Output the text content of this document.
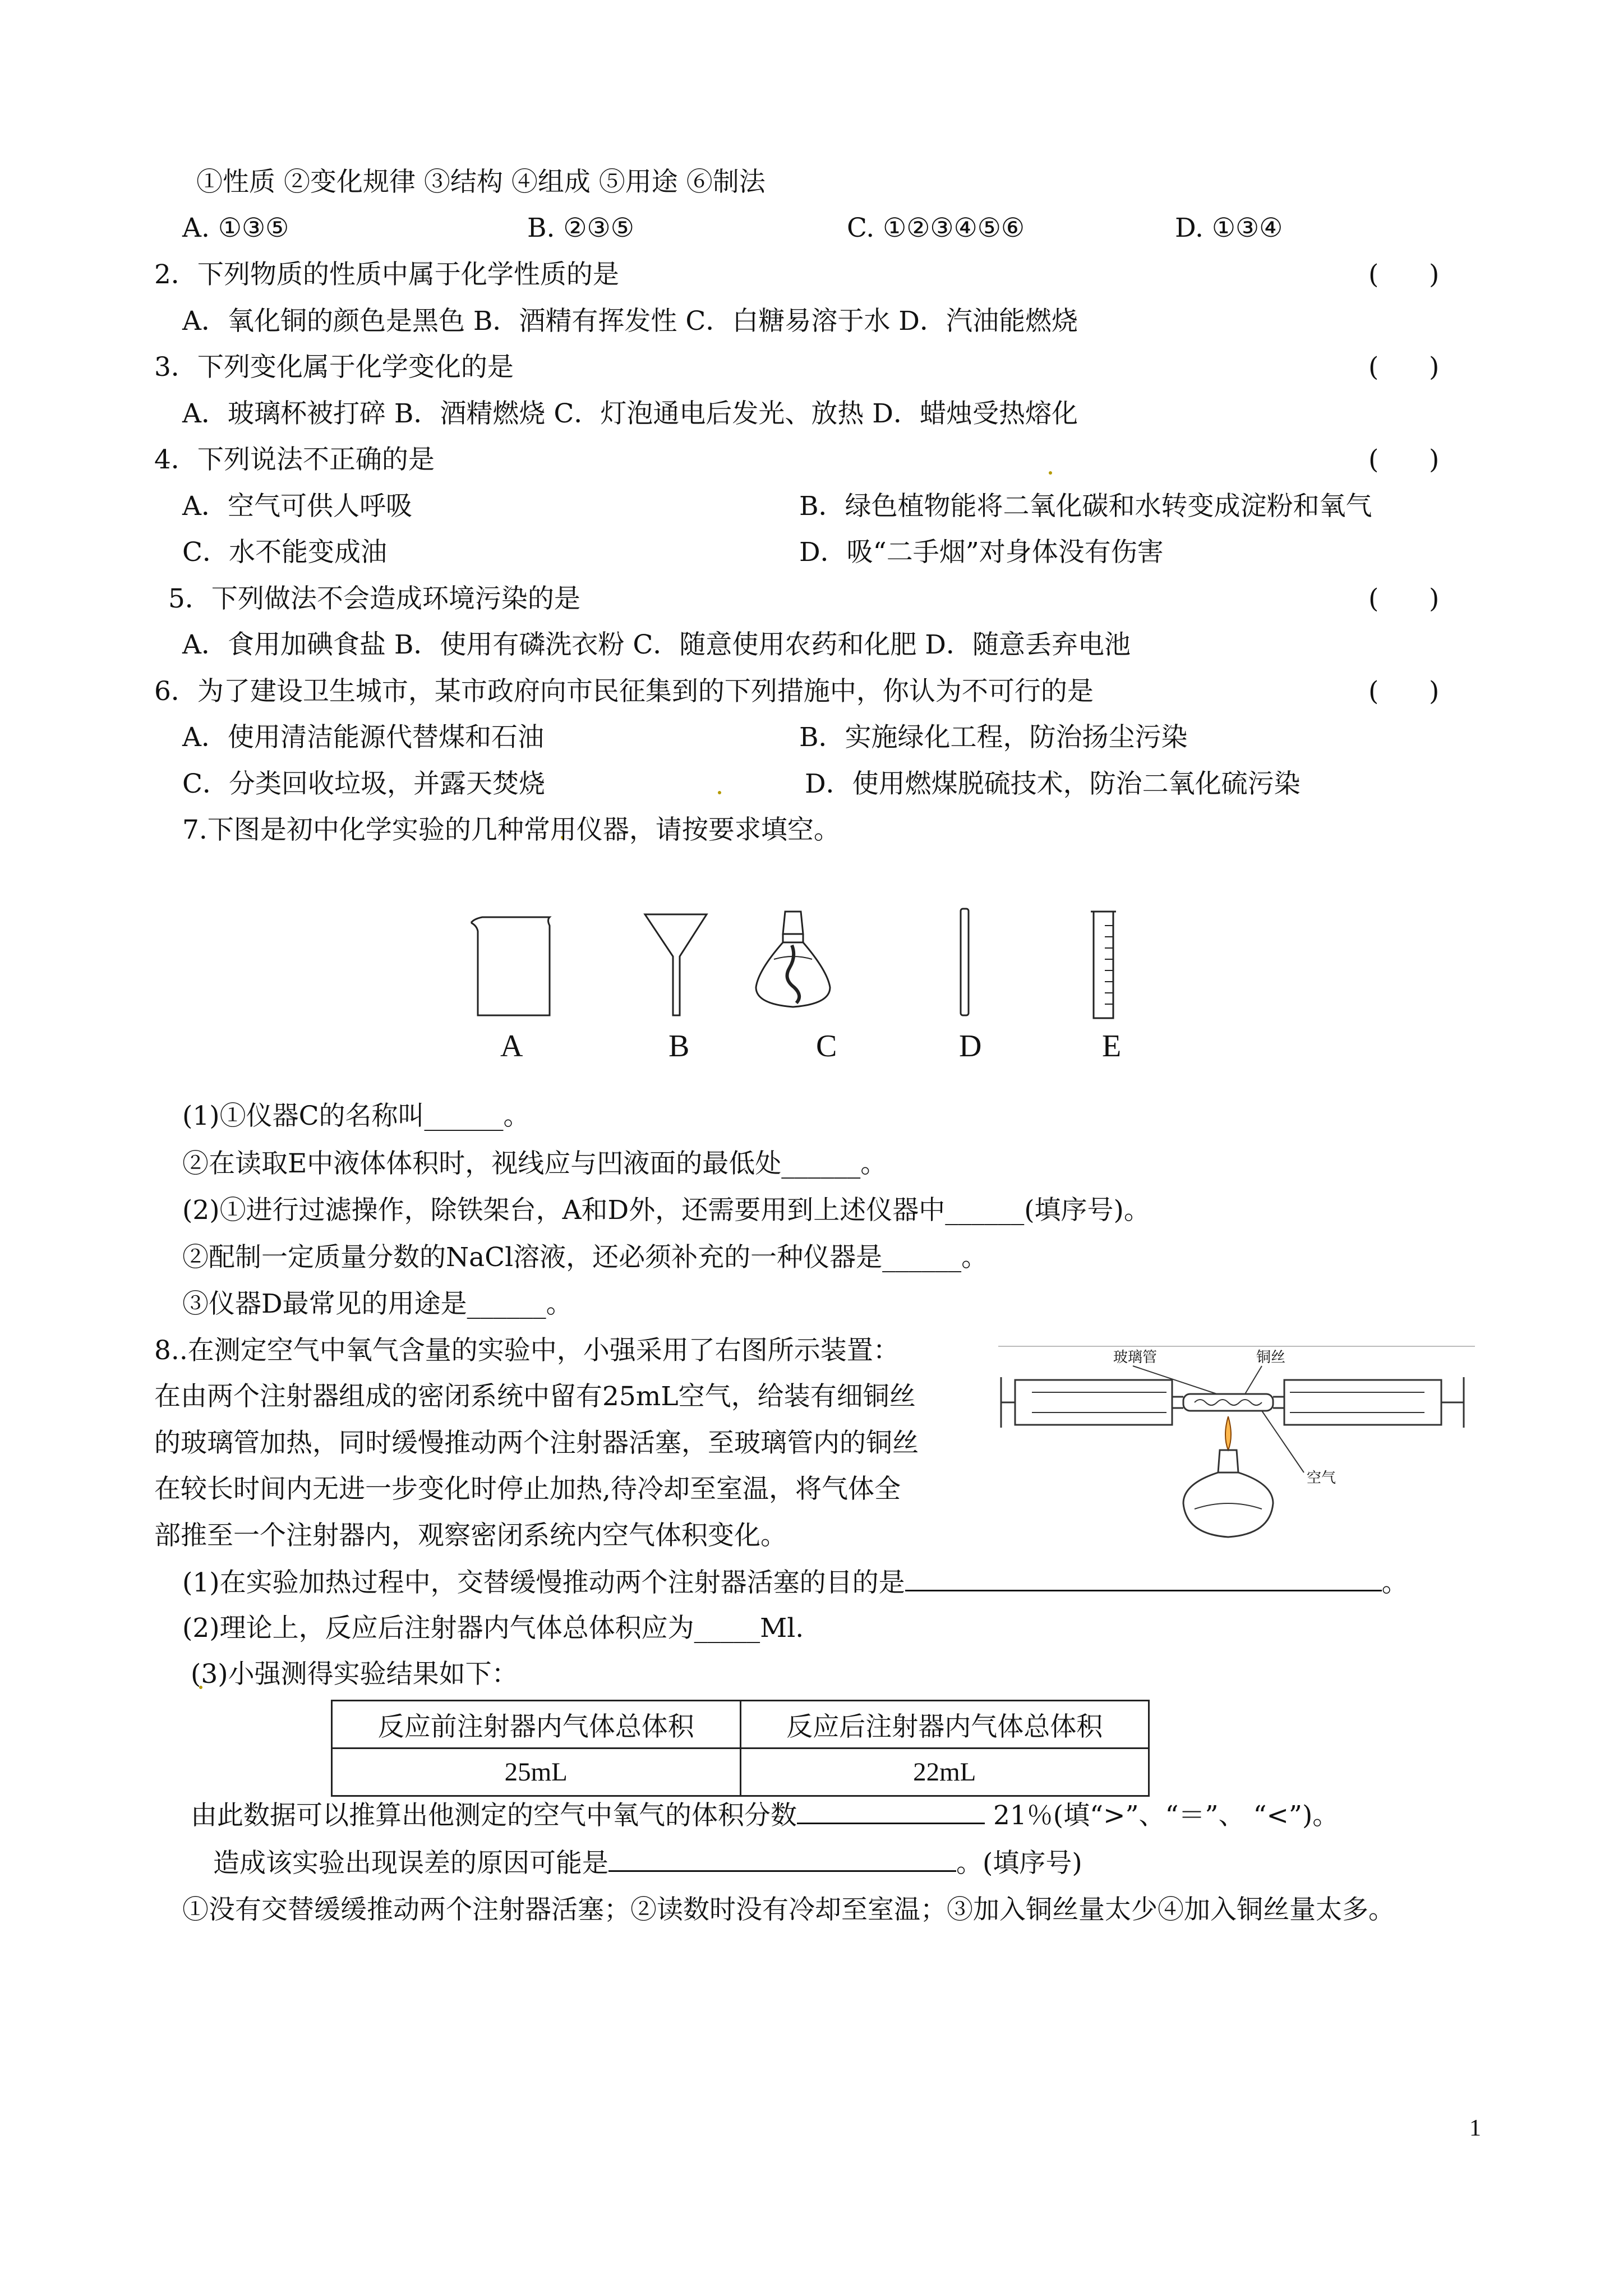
①性质 ②变化规律 ③结构 ④组成 ⑤用途 ⑥制法
A. ①③⑤	B. ②③⑤	C. ①②③④⑤⑥	D. ①③④
2．下列物质的性质中属于化学性质的是	(      )
A．氧化铜的颜色是黑色 B．酒精有挥发性 C．白糖易溶于水 D．汽油能燃烧
3．下列变化属于化学变化的是	(      )
A．玻璃杯被打碎 B．酒精燃烧 C．灯泡通电后发光、放热 D．蜡烛受热熔化
4．下列说法不正确的是	(      )
A．空气可供人呼吸	B．绿色植物能将二氧化碳和水转变成淀粉和氧气
C．水不能变成油	D．吸“二手烟”对身体没有伤害
5．下列做法不会造成环境污染的是	(      )
A．食用加碘食盐 B．使用有磷洗衣粉 C．随意使用农药和化肥 D．随意丢弃电池
6．为了建设卫生城市，某市政府向市民征集到的下列措施中，你认为不可行的是	(      )
A．使用清洁能源代替煤和石油	B．实施绿化工程，防治扬尘污染
C．分类回收垃圾，并露天焚烧	D．使用燃煤脱硫技术，防治二氧化硫污染
7.下图是初中化学实验的几种常用仪器，请按要求填空。
A	B	C	D	E
(1)①仪器C的名称叫______。
②在读取E中液体体积时，视线应与凹液面的最低处______。
(2)①进行过滤操作，除铁架台，A和D外，还需要用到上述仪器中______(填序号)。
②配制一定质量分数的NaCl溶液，还必须补充的一种仪器是______。
③仪器D最常见的用途是______。
8..在测定空气中氧气含量的实验中，小强采用了右图所示装置：
在由两个注射器组成的密闭系统中留有25mL空气，给装有细铜丝
的玻璃管加热，同时缓慢推动两个注射器活塞，至玻璃管内的铜丝
在较长时间内无进一步变化时停止加热,待冷却至室温，将气体全
部推至一个注射器内，观察密闭系统内空气体积变化。
玻璃管	铜丝
空气
(1)在实验加热过程中，交替缓慢推动两个注射器活塞的目的是	。
(2)理论上，反应后注射器内气体总体积应为_____Ml.
(3)小强测得实验结果如下：
反应前注射器内气体总体积	反应后注射器内气体总体积
25mL	22mL
由此数据可以推算出他测定的空气中氧气的体积分数	21％(填“>”、“＝”、 “<”)。
造成该实验出现误差的原因可能是	。(填序号)
①没有交替缓缓推动两个注射器活塞；②读数时没有冷却至室温；③加入铜丝量太少④加入铜丝量太多。
1
